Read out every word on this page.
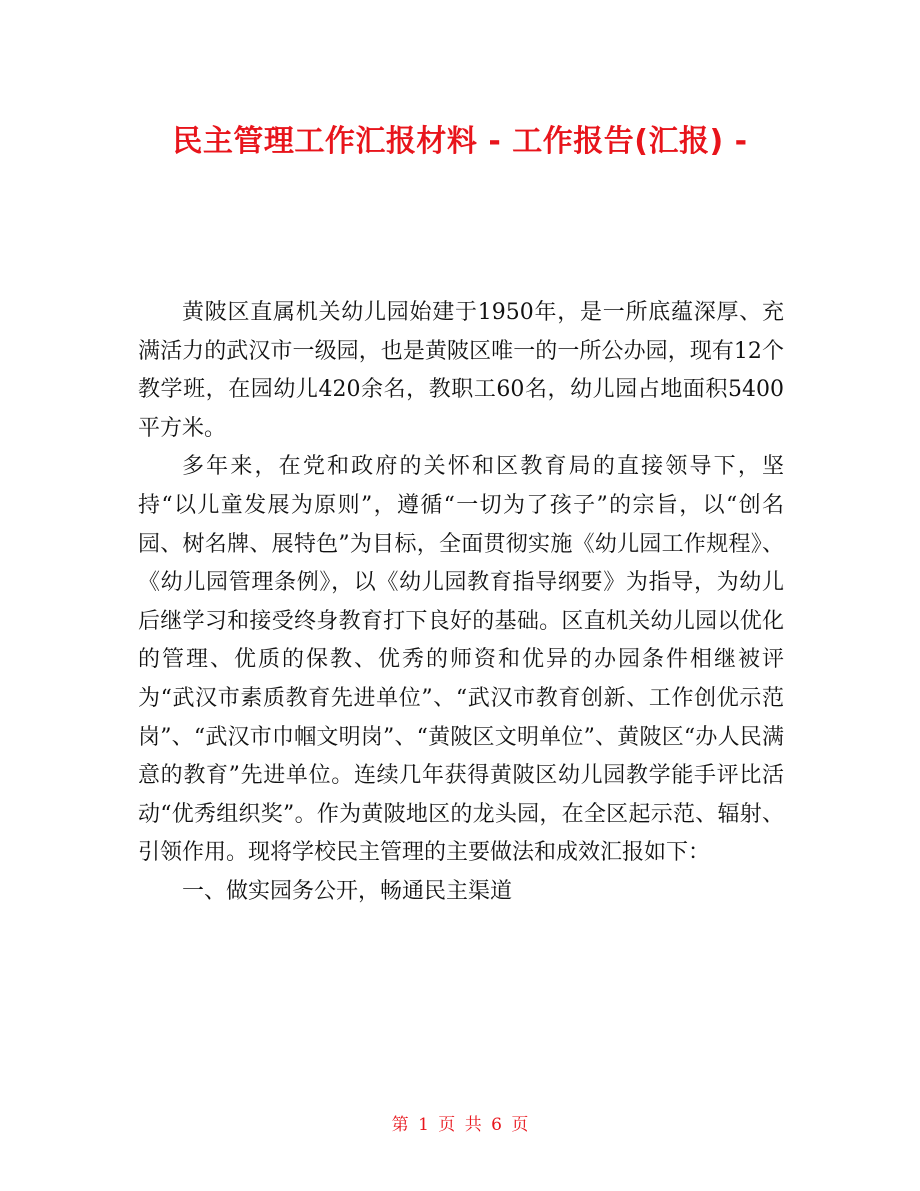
民主管理工作汇报材料 - 工作报告(汇报) -

黄陂区直属机关幼儿园始建于1950年，是一所底蕴深厚、充满活力的武汉市一级园，也是黄陂区唯一的一所公办园，现有12个教学班，在园幼儿420余名，教职工60名，幼儿园占地面积5400 平方米。

多年来，在党和政府的关怀和区教育局的直接领导下，坚持“以儿童发展为原则”，遵循“一切为了孩子”的宗旨，以“创名园、树名牌、展特色”为目标，全面贯彻实施《幼儿园工作规程》、《幼儿园管理条例》，以《幼儿园教育指导纲要》为指导，为幼儿后继学习和接受终身教育打下良好的基础。区直机关幼儿园以优化的管理、优质的保教、优秀的师资和优异的办园条件相继被评为“武汉市素质教育先进单位”、“武汉市教育创新、工作创优示范岗”、“武汉市巾帼文明岗”、“黄陂区文明单位”、黄陂区“办人民满意的教育”先进单位。连续几年获得黄陂区幼儿园教学能手评比活动“优秀组织奖”。作为黄陂地区的龙头园，在全区起示范、辐射、引领作用。现将学校民主管理的主要做法和成效汇报如下：

一、做实园务公开，畅通民主渠道

第 1 页 共 6 页
